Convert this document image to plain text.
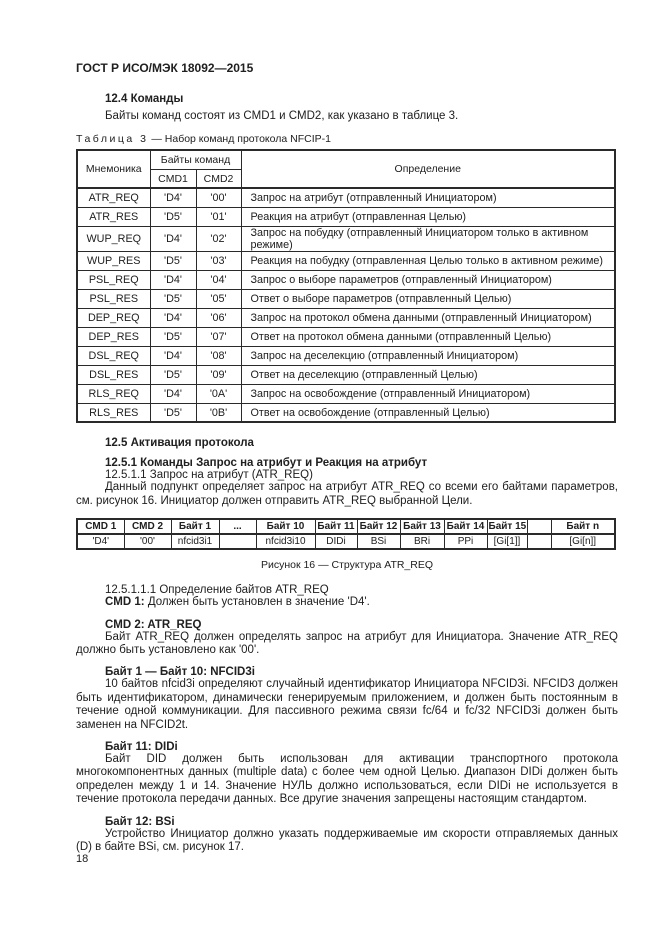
ГОСТ Р ИСО/МЭК 18092—2015
12.4 Команды

Байты команд состоят из CMD1 и CMD2, как указано в таблице 3.

Таблица 3 — Набор команд протокола NFCIP-1
Мнемоника	Байты команд		Определение
	CMD1	CMD2	
ATR_REQ	'D4'	'00'	Запрос на атрибут (отправленный Инициатором)
ATR_RES	'D5'	'01'	Реакция на атрибут (отправленная Целью)
WUP_REQ	'D4'	'02'	Запрос на побудку (отправленный Инициатором только в активном режиме)
WUP_RES	'D5'	'03'	Реакция на побудку (отправленная Целью только в активном режиме)
PSL_REQ	'D4'	'04'	Запрос о выборе параметров (отправленный Инициатором)
PSL_RES	'D5'	'05'	Ответ о выборе параметров (отправленный Целью)
DEP_REQ	'D4'	'06'	Запрос на протокол обмена данными (отправленный Инициатором)
DEP_RES	'D5'	'07'	Ответ на протокол обмена данными (отправленный Целью)
DSL_REQ	'D4'	'08'	Запрос на деселекцию (отправленный Инициатором)
DSL_RES	'D5'	'09'	Ответ на деселекцию (отправленный Целью)
RLS_REQ	'D4'	'0A'	Запрос на освобождение (отправленный Инициатором)
RLS_RES	'D5'	'0B'	Ответ на освобождение (отправленный Целью)
12.5 Активация протокола
12.5.1 Команды Запрос на атрибут и Реакция на атрибут
12.5.1.1 Запрос на атрибут (ATR_REQ)

Данный подпункт определяет запрос на атрибут ATR_REQ со всеми его байтами параметров, см. рисунок 16. Инициатор должен отправить ATR_REQ выбранной Цели.

CMD 1	CMD 2	Байт 1	...	Байт 10	Байт 11	Байт 12	Байт 13	Байт 14	Байт 15		Байт n
'D4'	'00'	nfcid3i1		nfcid3i10	DIDi	BSi	BRi	PPi	[Gi[1]]		[Gi[n]]
Рисунок 16 — Структура ATR_REQ
12.5.1.1.1 Определение байтов ATR_REQ
CMD 1: Должен быть установлен в значение 'D4'.
CMD 2: ATR_REQ

Байт ATR_REQ должен определять запрос на атрибут для Инициатора. Значение ATR_REQ должно быть установлено как '00'.

Байт 1 — Байт 10: NFCID3i

10 байтов nfcid3i определяют случайный идентификатор Инициатора NFCID3i. NFCID3 должен быть идентификатором, динамически генерируемым приложением, и должен быть постоянным в течение одной коммуникации. Для пассивного режима связи fc/64 и fc/32 NFCID3i должен быть заменен на NFCID2t.

Байт 11: DIDi

Байт DID должен быть использован для активации транспортного протокола многокомпонентных данных (multiple data) с более чем одной Целью. Диапазон DIDi должен быть определен между 1 и 14. Значение НУЛЬ должно использоваться, если DIDi не используется в течение протокола передачи данных. Все другие значения запрещены настоящим стандартом.

Байт 12: BSi

Устройство Инициатор должно указать поддерживаемые им скорости отправляемых данных (D) в байте BSi, см. рисунок 17.

18
